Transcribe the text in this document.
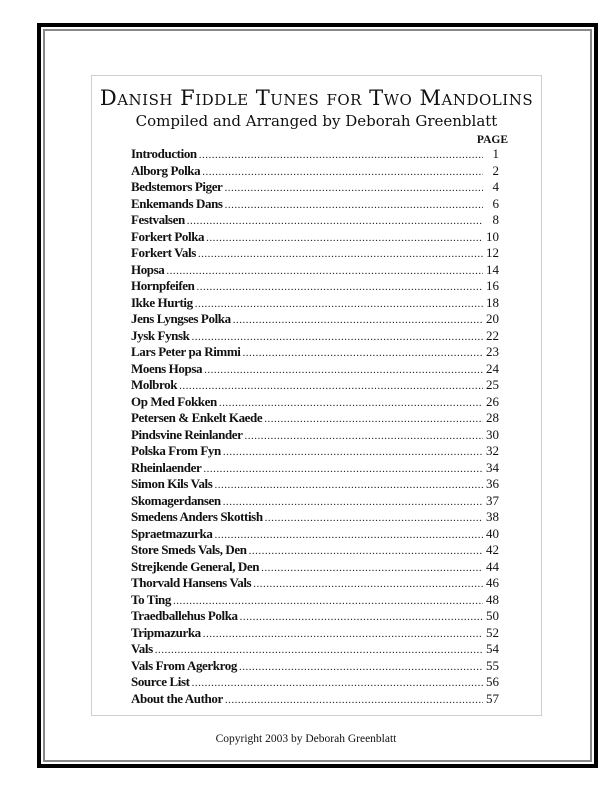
Danish Fiddle Tunes for Two Mandolins
Compiled and Arranged by Deborah Greenblatt
PAGE
Introduction .....	1
Alborg Polka .....	2
Bedstemors Piger .....	4
Enkemands Dans .....	6
Festvalsen .....	8
Forkert Polka .....	10
Forkert Vals .....	12
Hopsa .....	14
Hornpfeifen .....	16
Ikke Hurtig .....	18
Jens Lyngses Polka .....	20
Jysk Fynsk .....	22
Lars Peter pa Rimmi .....	23
Moens Hopsa .....	24
Molbrok .....	25
Op Med Fokken .....	26
Petersen & Enkelt Kaede .....	28
Pindsvine Reinlander .....	30
Polska From Fyn .....	32
Rheinlaender .....	34
Simon Kils Vals .....	36
Skomagerdansen .....	37
Smedens Anders Skottish .....	38
Spraetmazurka .....	40
Store Smeds Vals, Den .....	42
Strejkende General, Den .....	44
Thorvald Hansens Vals .....	46
To Ting .....	48
Traedballehus Polka .....	50
Tripmazurka .....	52
Vals .....	54
Vals From Agerkrog .....	55
Source List .....	56
About the Author .....	57
Copyright 2003 by Deborah Greenblatt
